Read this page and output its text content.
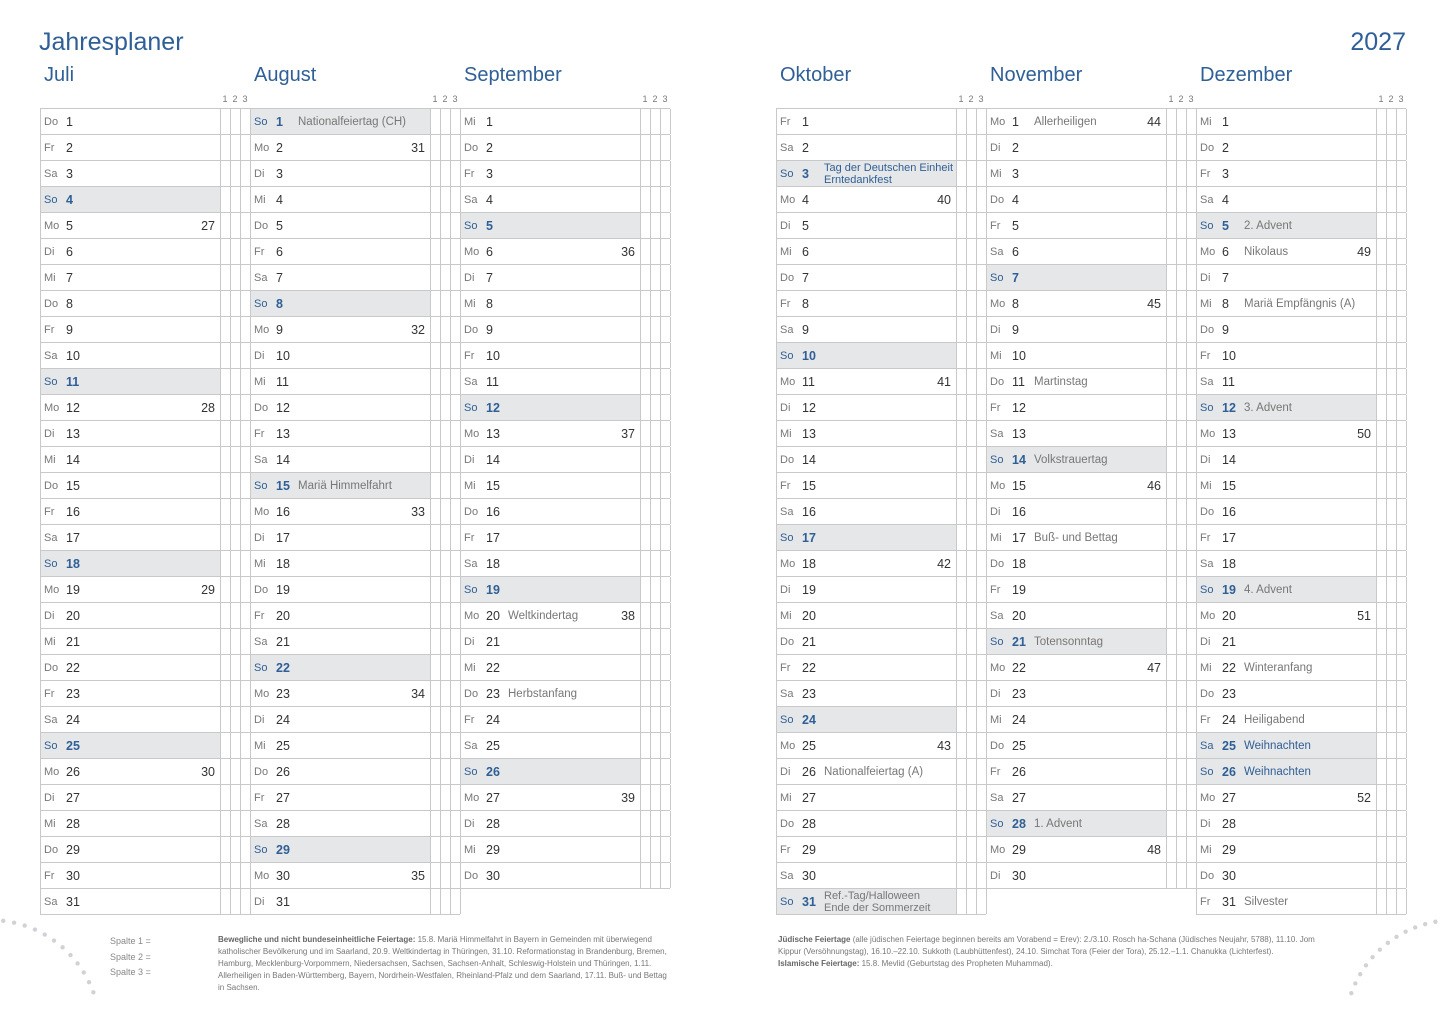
Jahresplaner	2027
Juli
1 2 3
Do 1
Fr 2
Sa 3
So 4
Mo 5	27
Di 6
Mi 7
Do 8
Fr 9
Sa 10
So 11
Mo 12	28
Di 13
Mi 14
Do 15
Fr 16
Sa 17
So 18
Mo 19	29
Di 20
Mi 21
Do 22
Fr 23
Sa 24
So 25
Mo 26	30
Di 27
Mi 28
Do 29
Fr 30
Sa 31
August
1 2 3
So 1 Nationalfeiertag (CH)
Mo 2	31
Di 3
Mi 4
Do 5
Fr 6
Sa 7
So 8
Mo 9	32
Di 10
Mi 11
Do 12
Fr 13
Sa 14
So 15 Mariä Himmelfahrt
Mo 16	33
Di 17
Mi 18
Do 19
Fr 20
Sa 21
So 22
Mo 23	34
Di 24
Mi 25
Do 26
Fr 27
Sa 28
So 29
Mo 30	35
Di 31
September
1 2 3
Mi 1
Do 2
Fr 3
Sa 4
So 5
Mo 6	36
Di 7
Mi 8
Do 9
Fr 10
Sa 11
So 12
Mo 13	37
Di 14
Mi 15
Do 16
Fr 17
Sa 18
So 19
Mo 20 Weltkindertag	38
Di 21
Mi 22
Do 23 Herbstanfang
Fr 24
Sa 25
So 26
Mo 27	39
Di 28
Mi 29
Do 30
Oktober
1 2 3
Fr 1
Sa 2
So 3 Tag der Deutschen Einheit
Erntedankfest
Mo 4	40
Di 5
Mi 6
Do 7
Fr 8
Sa 9
So 10
Mo 11	41
Di 12
Mi 13
Do 14
Fr 15
Sa 16
So 17
Mo 18	42
Di 19
Mi 20
Do 21
Fr 22
Sa 23
So 24
Mo 25	43
Di 26 Nationalfeiertag (A)
Mi 27
Do 28
Fr 29
Sa 30
So 31 Ref.-Tag/Halloween
Ende der Sommerzeit
November
1 2 3
Mo 1 Allerheiligen	44
Di 2
Mi 3
Do 4
Fr 5
Sa 6
So 7
Mo 8	45
Di 9
Mi 10
Do 11 Martinstag
Fr 12
Sa 13
So 14 Volkstrauertag
Mo 15	46
Di 16
Mi 17 Buß- und Bettag
Do 18
Fr 19
Sa 20
So 21 Totensonntag
Mo 22	47
Di 23
Mi 24
Do 25
Fr 26
Sa 27
So 28 1. Advent
Mo 29	48
Di 30
Dezember
1 2 3
Mi 1
Do 2
Fr 3
Sa 4
So 5 2. Advent
Mo 6 Nikolaus	49
Di 7
Mi 8 Mariä Empfängnis (A)
Do 9
Fr 10
Sa 11
So 12 3. Advent
Mo 13	50
Di 14
Mi 15
Do 16
Fr 17
Sa 18
So 19 4. Advent
Mo 20	51
Di 21
Mi 22 Winteranfang
Do 23
Fr 24 Heiligabend
Sa 25 Weihnachten
So 26 Weihnachten
Mo 27	52
Di 28
Mi 29
Do 30
Fr 31 Silvester
Spalte 1 =
Spalte 2 =
Spalte 3 =
Bewegliche und nicht bundeseinheitliche Feiertage: 15.8. Mariä Himmelfahrt in Bayern in Gemeinden mit überwiegend katholischer Bevölkerung und im Saarland, 20.9. Weltkindertag in Thüringen, 31.10. Reformationstag in Brandenburg, Bremen, Hamburg, Mecklenburg-Vorpommern, Niedersachsen, Sachsen, Sachsen-Anhalt, Schleswig-Holstein und Thüringen, 1.11. Allerheiligen in Baden-Württemberg, Bayern, Nordrhein-Westfalen, Rheinland-Pfalz und dem Saarland, 17.11. Buß- und Bettag in Sachsen.
Jüdische Feiertage (alle jüdischen Feiertage beginnen bereits am Vorabend = Erev): 2./3.10. Rosch ha-Schana (Jüdisches Neujahr, 5788), 11.10. Jom Kippur (Versöhnungstag), 16.10.–22.10. Sukkoth (Laubhüttenfest), 24.10. Simchat Tora (Feier der Tora), 25.12.–1.1. Chanukka (Lichterfest).
Islamische Feiertage: 15.8. Mevlid (Geburtstag des Propheten Muhammad).
